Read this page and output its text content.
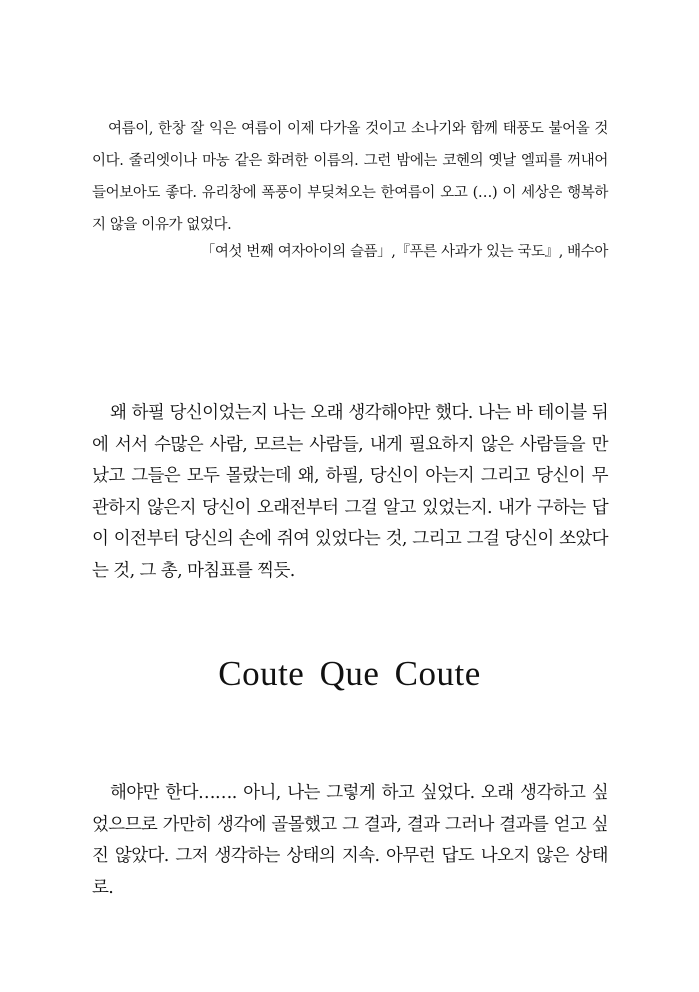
여름이, 한창 잘 익은 여름이 이제 다가올 것이고 소나기와 함께 태풍도 불어올 것이다. 줄리엣이나 마농 같은 화려한 이름의. 그런 밤에는 코헨의 옛날 엘피를 꺼내어 들어보아도 좋다. 유리창에 폭풍이 부딪쳐오는 한여름이 오고 (…) 이 세상은 행복하지 않을 이유가 없었다.

「여섯 번째 여자아이의 슬픔」,『푸른 사과가 있는 국도』, 배수아

왜 하필 당신이었는지 나는 오래 생각해야만 했다. 나는 바 테이블 뒤에 서서 수많은 사람, 모르는 사람들, 내게 필요하지 않은 사람들을 만났고 그들은 모두 몰랐는데 왜, 하필, 당신이 아는지 그리고 당신이 무관하지 않은지 당신이 오래전부터 그걸 알고 있었는지. 내가 구하는 답이 이전부터 당신의 손에 쥐여 있었다는 것, 그리고 그걸 당신이 쏘았다는 것, 그 총, 마침표를 찍듯.

Coute Que Coute

해야만 한다……. 아니, 나는 그렇게 하고 싶었다. 오래 생각하고 싶었으므로 가만히 생각에 골몰했고 그 결과, 결과 그러나 결과를 얻고 싶진 않았다. 그저 생각하는 상태의 지속. 아무런 답도 나오지 않은 상태로.
